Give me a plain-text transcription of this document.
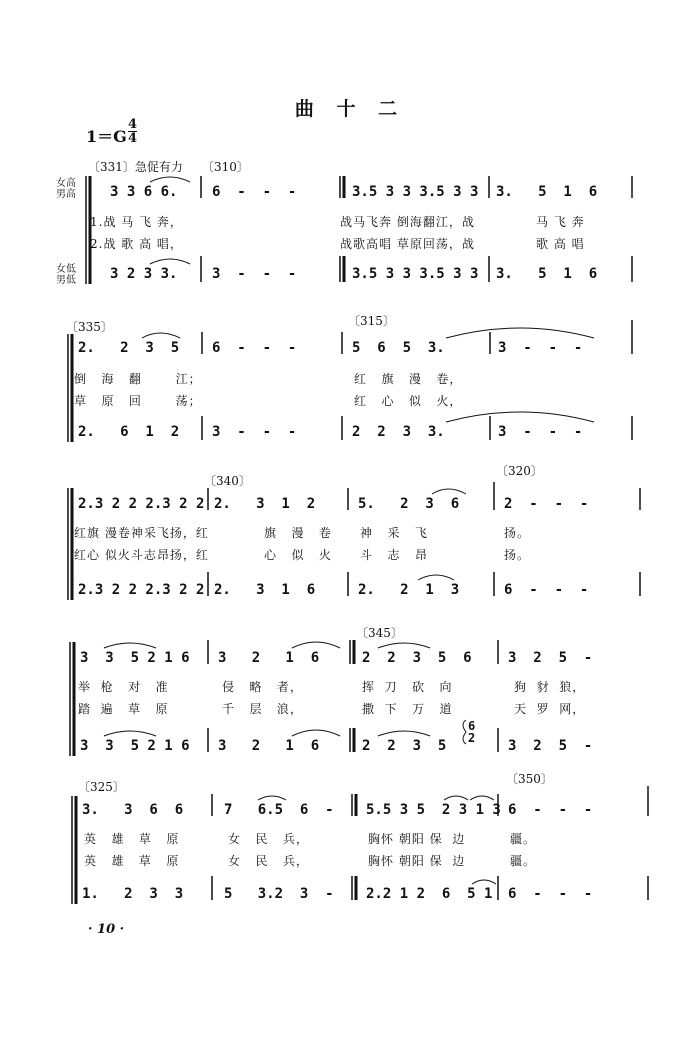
曲 十 二
1＝G
4
4
〔331〕急促有力 〔310〕
女高
男高
女低
男低
3 3 6 6. 6  -  -  -	3.5 3 3 3.5 3 3 3.   5  1  6
1.战 马 飞 奔，	战马飞奔 倒海翻江，战	马 飞 奔
2.战 歌 高 唱，	战歌高唱 草原回荡，战	歌 高 唱
3 2 3 3. 3  -  -  -	3.5 3 3 3.5 3 3 3.   5  1  6
〔335〕	〔315〕
2.   2  3  5 6  -  -  -	5  6  5  3.	3  -  -  -
倒   海   翻       江；	红   旗   漫   卷，
草   原   回       荡；	红   心   似   火，
2.   6  1  2 3  -  -  -	2  2  3  3.	3  -  -  -
〔340〕
〔320〕
2.3 2 2 2.3 2 2 2.   3  1  2	5.   2  3  6	2  -  -  -
红旗 漫卷神采飞扬，红	旗   漫   卷 神   采   飞	扬。
红心 似火斗志昂扬，红	心   似   火 斗   志   昂	扬。
2.3 2 2 2.3 2 2 2.   3  1  6	2.   2  1  3	6  -  -  -
〔345〕
3  3  5 2 1 6 3   2   1  6	2  2  3  5  6	3  2  5  -
举  枪   对   准	侵   略   者，	挥  刀   砍   向	狗  豺  狼，
踏  遍   草   原	千   层   浪，	撒  下   万   道	天  罗  网，
3  3  5 2 1 6 3   2   1  6	2  2  3  5	3  2  5  -
6
2
〔325〕
〔350〕
3.   3  6  6	7   6.5  6  - 5.5 3 5  2 3 1 3 6  -  -  -
英   雄   草   原	女   民   兵，	胸怀 朝阳 保  边	疆。
英   雄   草   原	女   民   兵，	胸怀 朝阳 保  边	疆。
1.   2  3  3	5   3.2  3  - 2.2 1 2  6  5 1 6  -  -  -
· 10 ·
